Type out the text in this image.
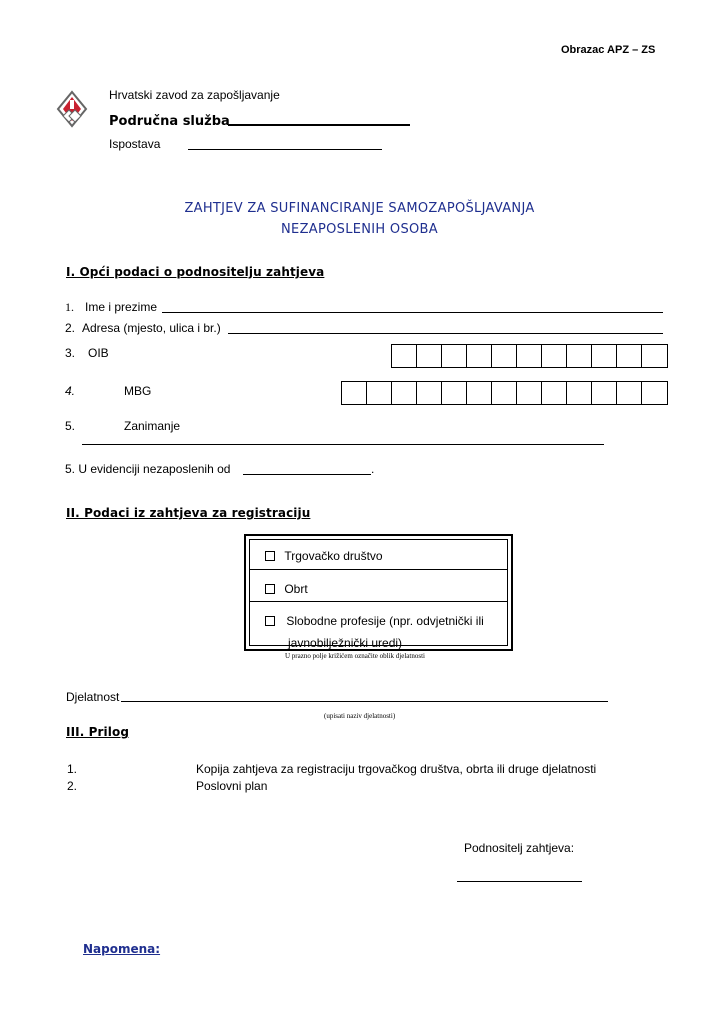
Obrazac APZ – ZS
Hrvatski zavod za zapošljavanje
Područna služba
Ispostava
ZAHTJEV ZA SUFINANCIRANJE SAMOZAPOŠLJAVANJA
NEZAPOSLENIH OSOBA
I. Opći podaci o podnositelju zahtjeva
1. Ime i prezime
2. Adresa (mjesto, ulica i br.)
3. OIB
4.	MBG
5.	Zanimanje
5. U evidenciji nezaposlenih od	.
II. Podaci iz zahtjeva za registraciju
Trgovačko društvo
Obrt
Slobodne profesije (npr. odvjetnički ili
javnobilježnički uredi)
U prazno polje križićem označite oblik djelatnosti
Djelatnost
(upisati naziv djelatnosti)
III. Prilog
1.	Kopija zahtjeva za registraciju trgovačkog društva, obrta ili druge djelatnosti
2.	Poslovni plan
Podnositelj zahtjeva:
Napomena:
